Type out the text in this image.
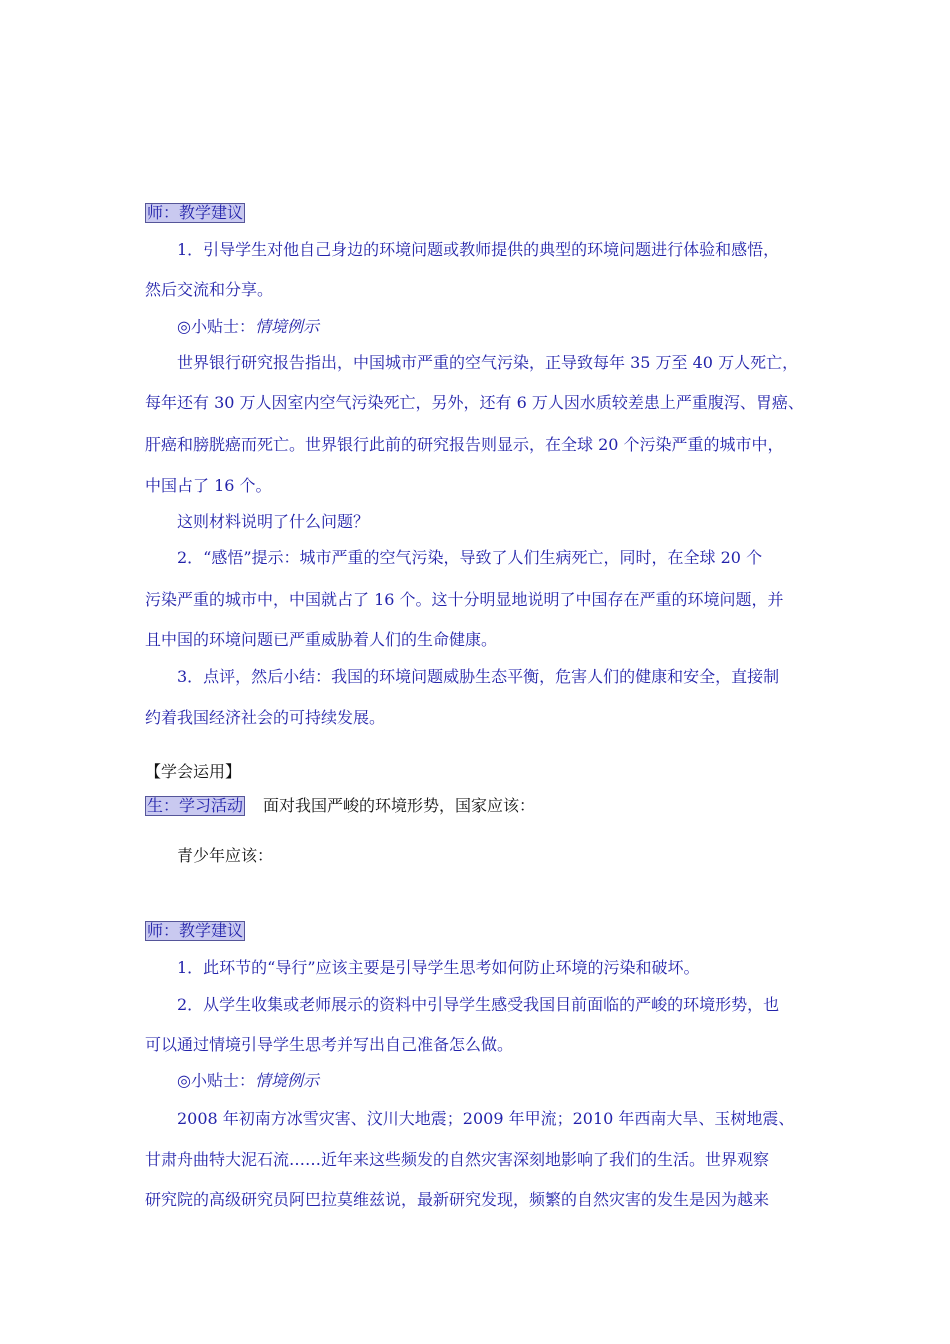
师：教学建议
1．引导学生对他自己身边的环境问题或教师提供的典型的环境问题进行体验和感悟，
然后交流和分享。
◎小贴士：情境例示
世界银行研究报告指出，中国城市严重的空气污染，正导致每年 35 万至 40 万人死亡，
每年还有 30 万人因室内空气污染死亡，另外，还有 6 万人因水质较差患上严重腹泻、胃癌、
肝癌和膀胱癌而死亡。世界银行此前的研究报告则显示，在全球 20 个污染严重的城市中，
中国占了 16 个。
这则材料说明了什么问题？
2．“感悟”提示：城市严重的空气污染，导致了人们生病死亡，同时，在全球 20 个
污染严重的城市中，中国就占了 16 个。这十分明显地说明了中国存在严重的环境问题，并
且中国的环境问题已严重威胁着人们的生命健康。
3．点评，然后小结：我国的环境问题威胁生态平衡，危害人们的健康和安全，直接制
约着我国经济社会的可持续发展。
【学会运用】
生：学习活动 面对我国严峻的环境形势，国家应该：
青少年应该：
师：教学建议
1．此环节的“导行”应该主要是引导学生思考如何防止环境的污染和破坏。
2．从学生收集或老师展示的资料中引导学生感受我国目前面临的严峻的环境形势，也
可以通过情境引导学生思考并写出自己准备怎么做。
◎小贴士：情境例示
2008 年初南方冰雪灾害、汶川大地震；2009 年甲流；2010 年西南大旱、玉树地震、
甘肃舟曲特大泥石流……近年来这些频发的自然灾害深刻地影响了我们的生活。世界观察
研究院的高级研究员阿巴拉莫维兹说，最新研究发现，频繁的自然灾害的发生是因为越来
